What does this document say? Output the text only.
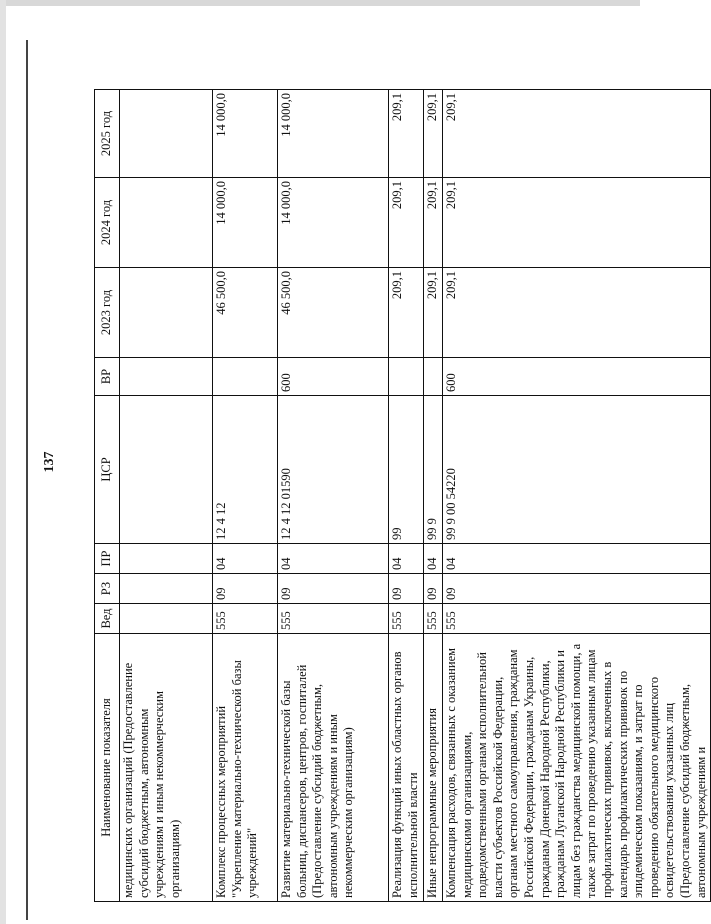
137
Наименование показателя	Вед	РЗ	ПР	ЦСР	ВР	2023 год	2024 год	2025 год
медицинских организаций (Предоставление субсидий бюджетным, автономным учреждениям и иным некоммерческим организациям)								
Комплекс процессных мероприятий "Укрепление материально-технической базы учреждений"	555	09	04	12 4 12		46 500,0	14 000,0	14 000,0
Развитие материально-технической базы больниц, диспансеров, центров, госпиталей (Предоставление субсидий бюджетным, автономным учреждениям и иным некоммерческим организациям)	555	09	04	12 4 12 01590	600	46 500,0	14 000,0	14 000,0
Реализация функций иных областных органов исполнительной власти	555	09	04	99		209,1	209,1	209,1
Иные непрограммные мероприятия	555	09	04	99 9		209,1	209,1	209,1
Компенсация расходов, связанных с оказанием медицинскими организациями, подведомственными органам исполнительной власти субъектов Российской Федерации, органам местного самоуправления, гражданам Российской Федерации, гражданам Украины, гражданам Донецкой Народной Республики, гражданам Луганской Народной Республики и лицам без гражданства медицинской помощи, а также затрат по проведению указанным лицам профилактических прививок, включенных в календарь профилактических прививок по эпидемическим показаниям, и затрат по проведению обязательного медицинского освидетельствования указанных лиц (Предоставление субсидий бюджетным, автономным учреждениям и	555	09	04	99 9 00 54220	600	209,1	209,1	209,1
